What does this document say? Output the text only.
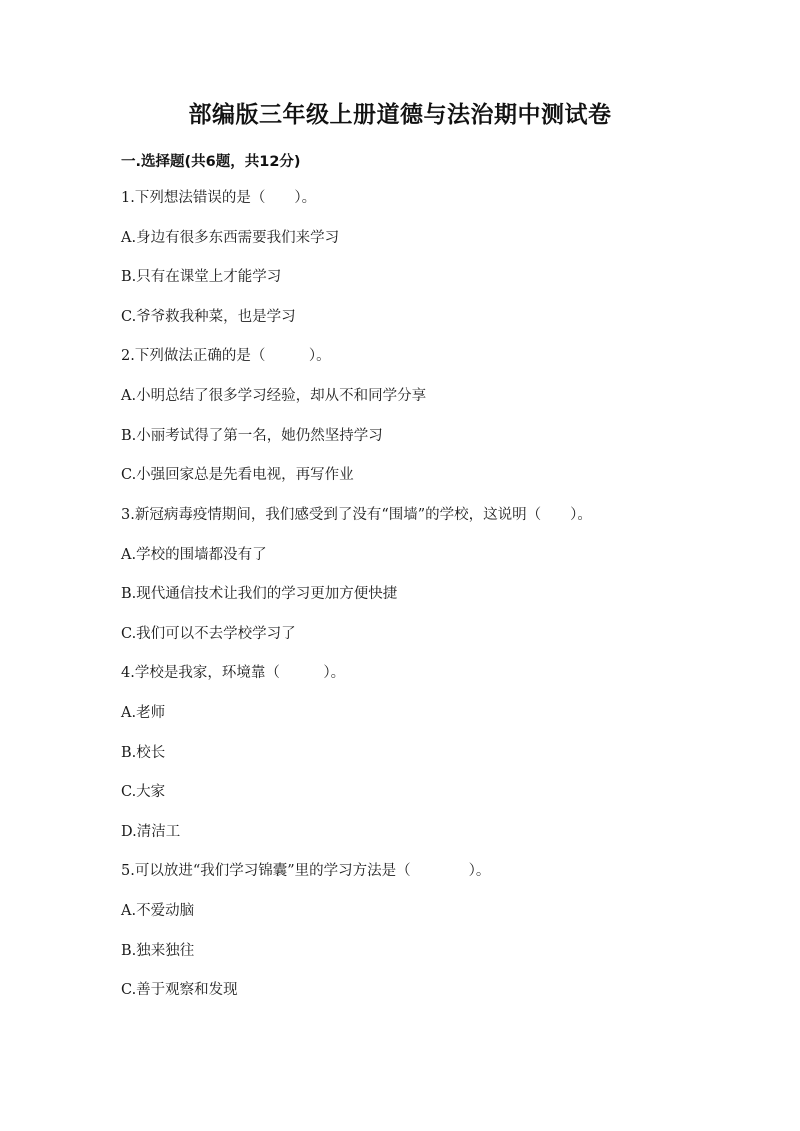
部编版三年级上册道德与法治期中测试卷
一.选择题(共6题，共12分)
1.下列想法错误的是（　　）。
A.身边有很多东西需要我们来学习
B.只有在课堂上才能学习
C.爷爷救我种菜，也是学习
2.下列做法正确的是（　　　）。
A.小明总结了很多学习经验，却从不和同学分享
B.小丽考试得了第一名，她仍然坚持学习
C.小强回家总是先看电视，再写作业
3.新冠病毒疫情期间，我们感受到了没有“围墙”的学校，这说明（　　）。
A.学校的围墙都没有了
B.现代通信技术让我们的学习更加方便快捷
C.我们可以不去学校学习了
4.学校是我家，环境靠（　　　）。
A.老师
B.校长
C.大家
D.清洁工
5.可以放进“我们学习锦囊”里的学习方法是（　　　　）。
A.不爱动脑
B.独来独往
C.善于观察和发现
